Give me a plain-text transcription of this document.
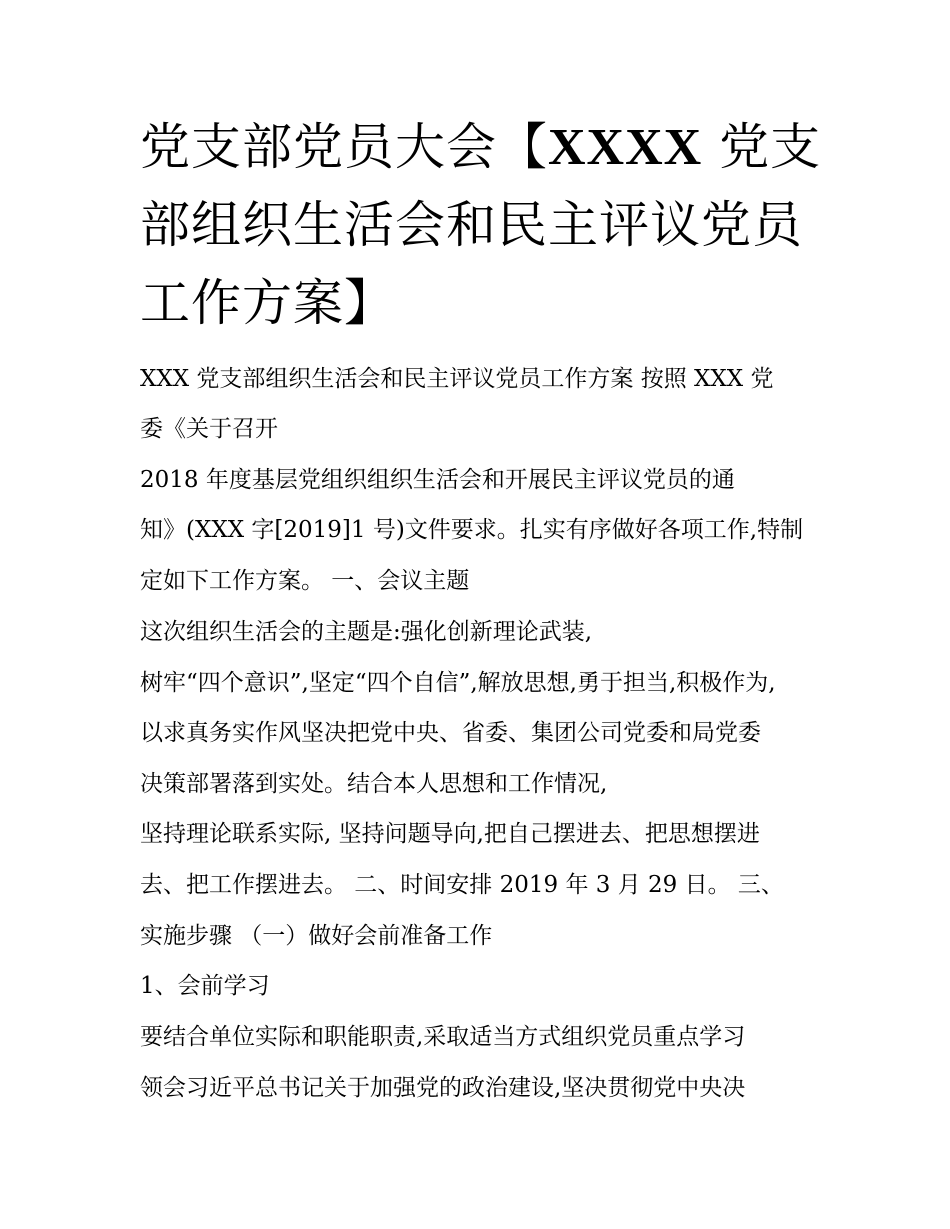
党支部党员大会【XXXX 党支
部组织生活会和民主评议党员
工作方案】
XXX 党支部组织生活会和民主评议党员工作方案 按照 XXX 党
委《关于召开
2018 年度基层党组织组织生活会和开展民主评议党员的通
知》(XXX 字[2019]1 号)文件要求。扎实有序做好各项工作,特制
定如下工作方案。 一、会议主题
这次组织生活会的主题是:强化创新理论武装,
树牢“四个意识”,坚定“四个自信”,解放思想,勇于担当,积极作为,
以求真务实作风坚决把党中央、省委、集团公司党委和局党委
决策部署落到实处。结合本人思想和工作情况,
坚持理论联系实际, 坚持问题导向,把自己摆进去、把思想摆进
去、把工作摆进去。 二、时间安排 2019 年 3 月 29 日。 三、
实施步骤 （一）做好会前准备工作
1、会前学习
要结合单位实际和职能职责,采取适当方式组织党员重点学习
领会习近平总书记关于加强党的政治建设,坚决贯彻党中央决
